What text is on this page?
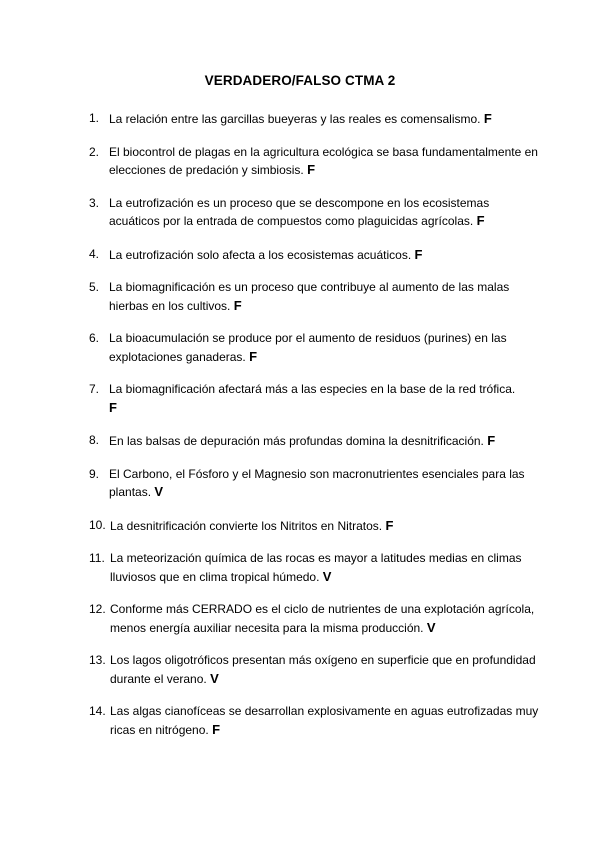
VERDADERO/FALSO CTMA 2
1. La relación entre las garcillas bueyeras y las reales es comensalismo. F
2. El biocontrol de plagas en la agricultura ecológica se basa fundamentalmente en elecciones de predación y simbiosis. F
3. La eutrofización es un proceso que se descompone en los ecosistemas acuáticos por la entrada de compuestos como plaguicidas agrícolas. F
4. La eutrofización solo afecta a los ecosistemas acuáticos. F
5. La biomagnificación es un proceso que contribuye al aumento de las malas hierbas en los cultivos. F
6. La bioacumulación se produce por el aumento de residuos (purines) en las explotaciones ganaderas. F
7. La biomagnificación afectará más a las especies en la base de la red trófica.
F
8. En las balsas de depuración más profundas domina la desnitrificación. F
9. El Carbono, el Fósforo y el Magnesio son macronutrientes esenciales para las plantas. V
10. La desnitrificación convierte los Nitritos en Nitratos. F
11. La meteorización química de las rocas es mayor a latitudes medias en climas lluviosos que en clima tropical húmedo. V
12. Conforme más CERRADO es el ciclo de nutrientes de una explotación agrícola, menos energía auxiliar necesita para la misma producción. V
13. Los lagos oligotróficos presentan más oxígeno en superficie que en profundidad durante el verano. V
14. Las algas cianofíceas se desarrollan explosivamente en aguas eutrofizadas muy ricas en nitrógeno. F
